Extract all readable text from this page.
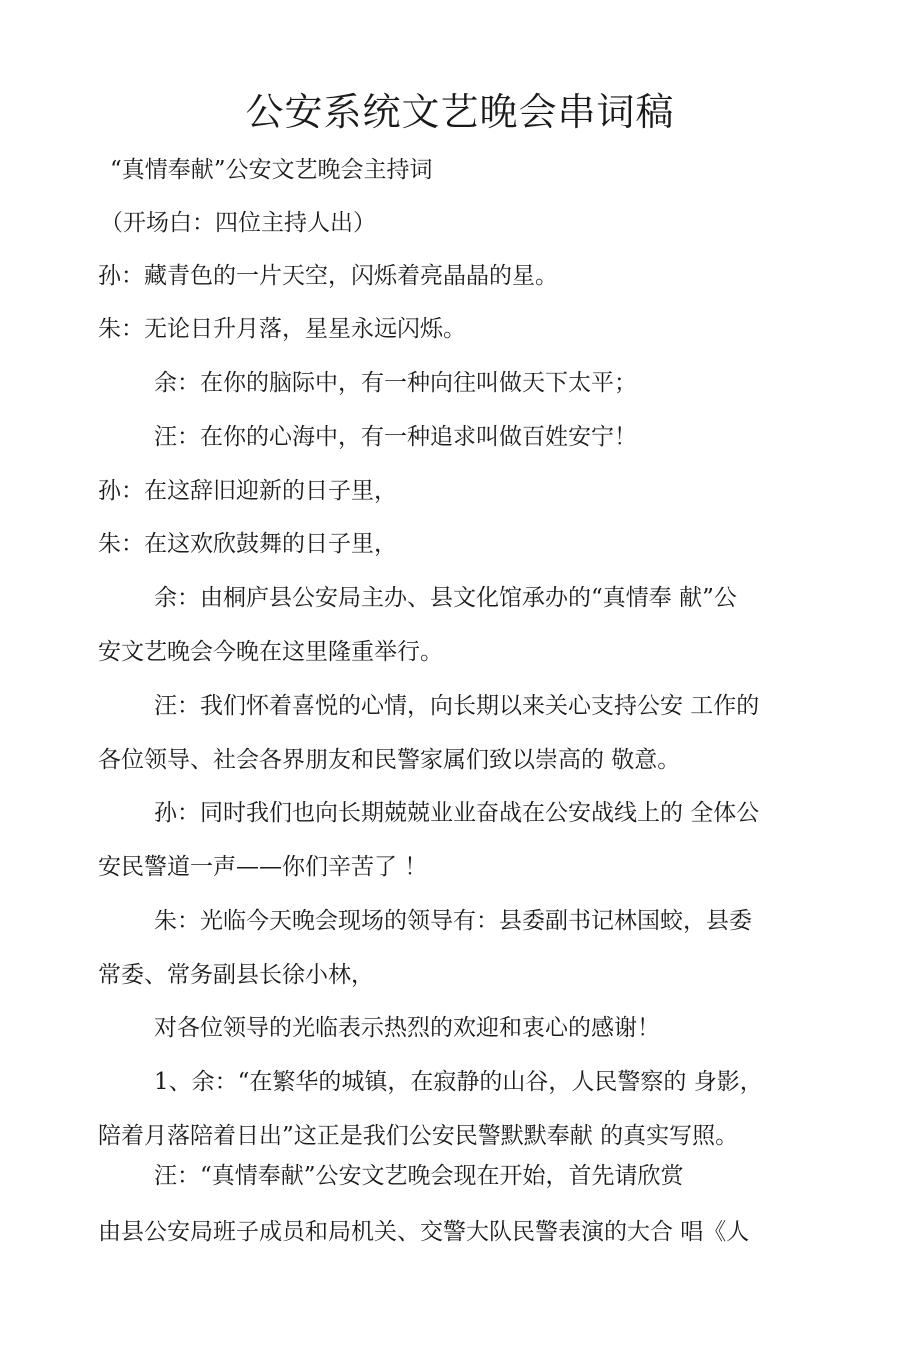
公安系统文艺晚会串词稿
“真情奉献”公安文艺晚会主持词
（开场白：四位主持人出）
孙：藏青色的一片天空，闪烁着亮晶晶的星。
朱：无论日升月落，星星永远闪烁。
余：在你的脑际中，有一种向往叫做天下太平；
汪：在你的心海中，有一种追求叫做百姓安宁！
孙：在这辞旧迎新的日子里，
朱：在这欢欣鼓舞的日子里，
余：由桐庐县公安局主办、县文化馆承办的“真情奉 献”公
安文艺晚会今晚在这里隆重举行。
汪：我们怀着喜悦的心情，向长期以来关心支持公安 工作的
各位领导、社会各界朋友和民警家属们致以崇高的 敬意。
孙：同时我们也向长期兢兢业业奋战在公安战线上的 全体公
安民警道一声——你们辛苦了 ！
朱：光临今天晚会现场的领导有：县委副书记林国蛟，县委
常委、常务副县长徐小林，
对各位领导的光临表示热烈的欢迎和衷心的感谢！
1、余：“在繁华的城镇，在寂静的山谷，人民警察的 身影，
陪着月落陪着日出”这正是我们公安民警默默奉献 的真实写照。
汪：“真情奉献”公安文艺晚会现在开始，首先请欣赏
由县公安局班子成员和局机关、交警大队民警表演的大合 唱《人
